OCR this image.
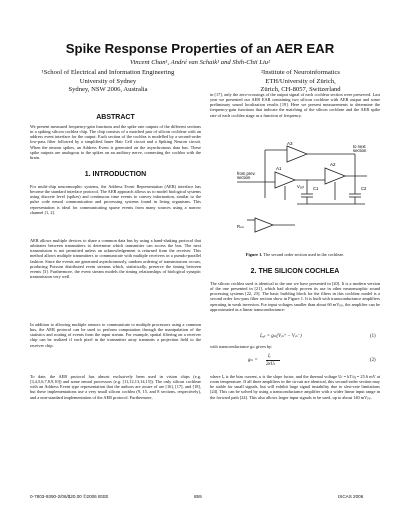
Spike Response Properties of an AER EAR
Vincent Chan¹, André van Schaik¹ and Shih-Chii Liu²
¹School of Electrical and Information Engineering
University of Sydney
Sydney, NSW 2006, Australia
²Institute of Neuroinformatics
ETH/University of Zürich,
Zürich, CH-8057, Switzerland
ABSTRACT

We present measured frequency-gain functions and the spike rate outputs of the different sections in a spiking silicon cochlea chip. The chip consists of a matched pair of silicon cochleae with an address event interface for the output. Each section of the cochlea is modelled by a second-order low-pass filter followed by a simplified Inner Hair Cell circuit and a Spiking Neuron circuit. When the neuron spikes, an Address Event is generated on the asynchronous data bus. These spike outputs are analogous to the spikes on an auditory nerve, connecting the cochlea with the brain.

1. INTRODUCTION

For multi-chip neuromorphic systems, the Address Event Representation (AER) interface has become the standard interface protocol. The AER approach allows us to model biological systems using discrete level (spikes) and continuous time events to convey information, similar to the pulse code neural communication and processing systems found in living organisms. This representation is ideal for communicating sparse events from many sources using a narrow channel [1, 2].

AER allows multiple devices to share a common data bus by using a hand-shaking protocol that arbitrates between transmitters to determine which transmitter can access the bus. The next transmission is not permitted unless an acknowledgement is returned from the receiver. This method allows multiple transmitters to communicate with multiple receivers in a pseudo-parallel fashion. Since the events are generated asynchronously, random ordering of transmissions occurs, producing Poisson distributed event streams which, statistically, preserve the timing between events [3]. Furthermore, the event stream models the timing relationships of biological synaptic transmission very well.

In addition to allowing multiple sensors to communicate to multiple processors using a common bus, the AER protocol can be used to perform computation through the manipulation of the statistics and routing of events from the input stream. For example, spatial filtering on a receiver chip can be realized if each pixel in the transmitter array transmits a projection field to the receiver chip.

To date, the AER protocol has almost exclusively been used in vision chips (e.g. [3,4,5,6,7,8,9,10]) and some neural processors (e.g. [11,12,13,14,15]). The only silicon cochleae with an Address Event type representation that the authors are aware of are [16], [17], and [18], but these implementations use a very small silicon cochlea (9, 15, and 8 sections, respectively), and a non-standard implementation of the AER protocol. Furthermore,

in [17], only the zero-crossings of the output signal of each cochlear section were preserved. Last year we presented our AER EAR containing two silicon cochleae with AER output and some preliminary sound localization results [19]. Here we present measurements to determine the frequency-gain functions that indicate the matching of the silicon cochleae and the AER spike rate of each cochlea stage as a function of frequency.

A3
A1
A2
from prev.
section
to next
section
C1	C2
Vₒᵤₜ
Rₛₘ
Figure 1. The second order section used in the cochleae.
2. THE SILICON COCHLEA

The silicon cochlea used is identical to the one we have presented in [20]. It is a modern version of the one presented in [21], which had already proven its use in other neuromorphic sound processing systems [22, 23]. The basic building block for the filters in this cochlear model is a second order low-pass filter section show in Figure 1. It is built with transconductance amplifiers operating in weak inversion. For input voltages smaller than about 60 mVₚₚ, the amplifier can be approximated as a linear transconductance:

Iₒᵤₜ = gₘ(Vᵢₙ⁺ − Vᵢₙ⁻)	(1)

with transconductance gₘ given by:

gₘ =
Iₑ
2κUₜ
(2)

where Iₑ is the bias current, κ is the slope factor, and the thermal voltage Uₜ = kT/q = 25.6 mV at room temperature. If all three amplifiers in the circuit are identical, this second-order section may be stable for small signals, but will exhibit large signal instability due to slew-rate limitations [24]. This can be solved by using a transconductance amplifier with a wider linear input range in the forward path [24]. This also allows larger input signals to be used, up to about 140 mVₚₚ.

0-7803-9390-2/06/$20.00 ©2006 IEEE	859	ISCAS 2006
